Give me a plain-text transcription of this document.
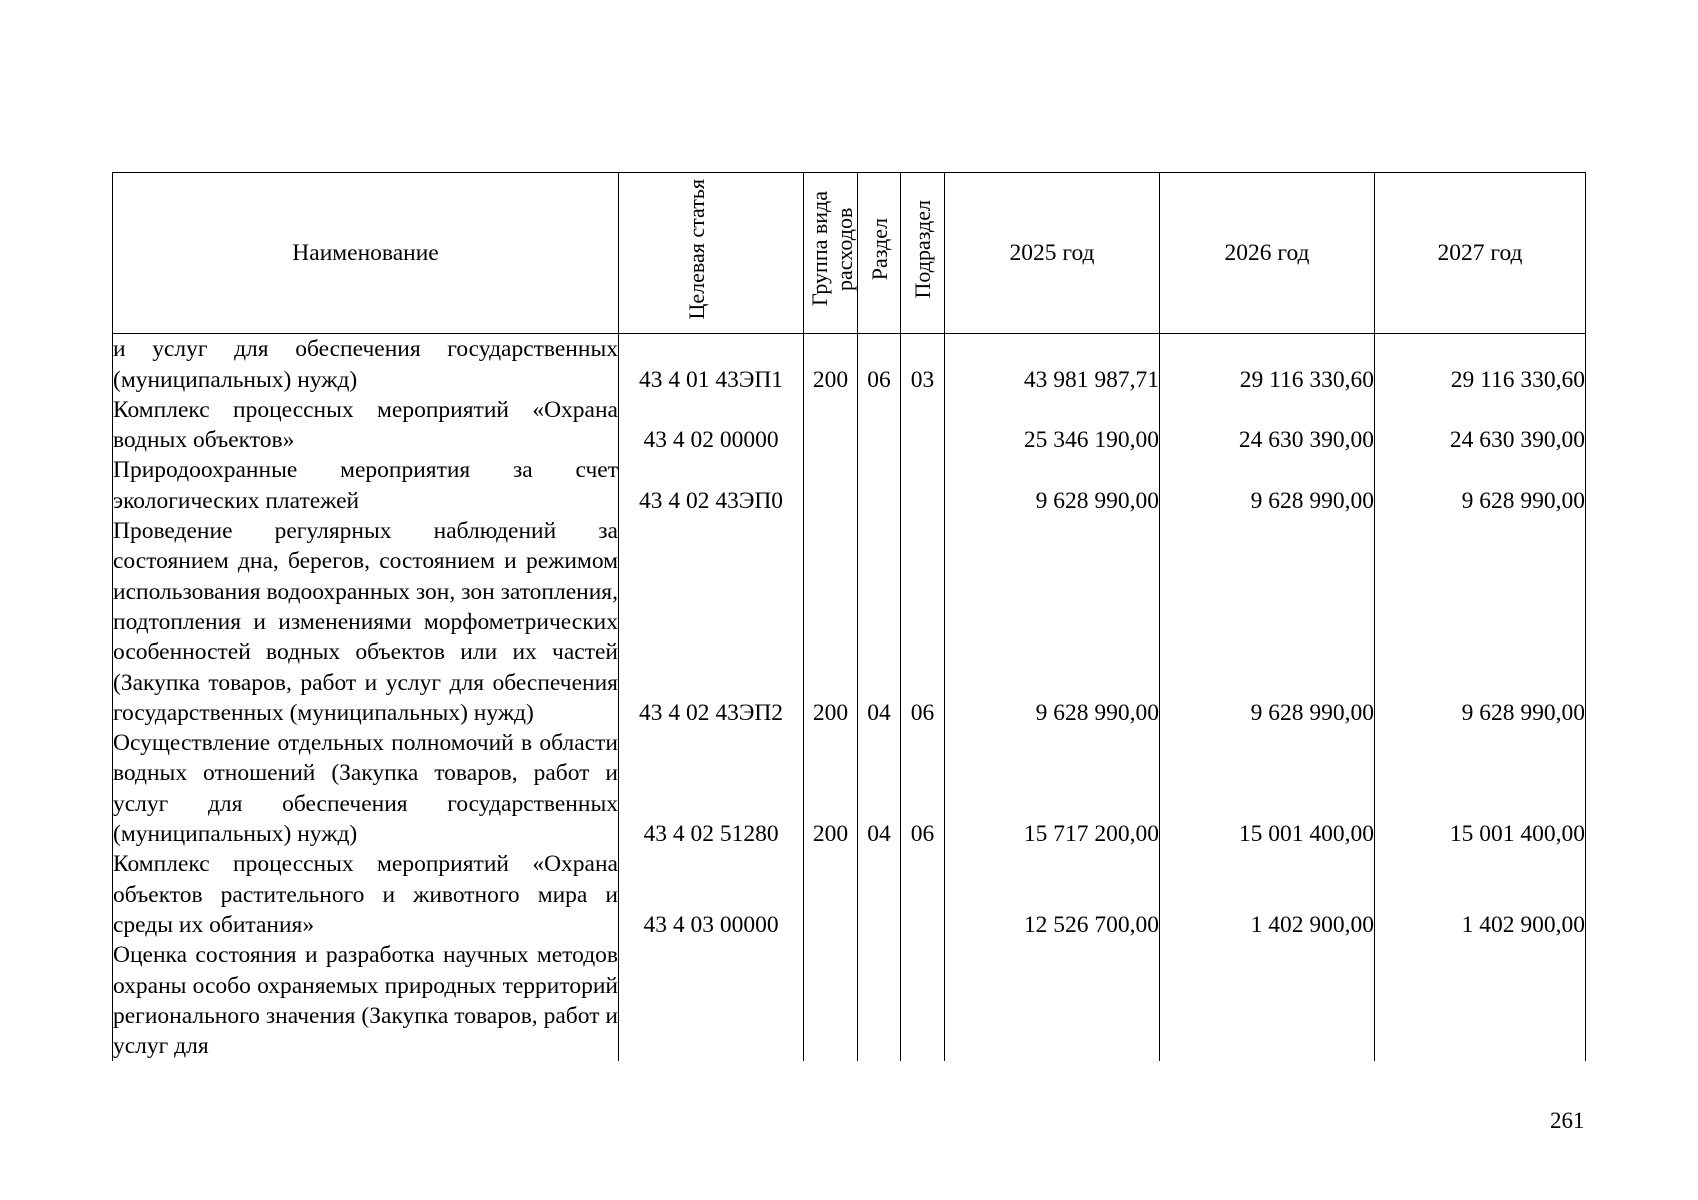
Наименование	Целевая статья	Группа вида расходов	Раздел	Подраздел	2025 год	2026 год	2027 год
и услуг для обеспечения государственных (муниципальных) нужд)	43 4 01 43ЭП1	200	06	03	43 981 987,71	29 116 330,60	29 116 330,60
Комплекс процессных мероприятий «Охрана водных объектов»	43 4 02 00000				25 346 190,00	24 630 390,00	24 630 390,00
Природоохранные мероприятия за счет экологических платежей	43 4 02 43ЭП0				9 628 990,00	9 628 990,00	9 628 990,00
Проведение регулярных наблюдений за состоянием дна, берегов, состоянием и режимом использования водоохранных зон, зон затопления, подтопления и изменениями морфометрических особенностей водных объектов или их частей (Закупка товаров, работ и услуг для обеспечения государственных (муниципальных) нужд)	43 4 02 43ЭП2	200	04	06	9 628 990,00	9 628 990,00	9 628 990,00
Осуществление отдельных полномочий в области водных отношений (Закупка товаров, работ и услуг для обеспечения государственных (муниципальных) нужд)	43 4 02 51280	200	04	06	15 717 200,00	15 001 400,00	15 001 400,00
Комплекс процессных мероприятий «Охрана объектов растительного и животного мира и среды их обитания»	43 4 03 00000				12 526 700,00	1 402 900,00	1 402 900,00
Оценка состояния и разработка научных методов охраны особо охраняемых природных территорий регионального значения (Закупка товаров, работ и услуг для							
261
